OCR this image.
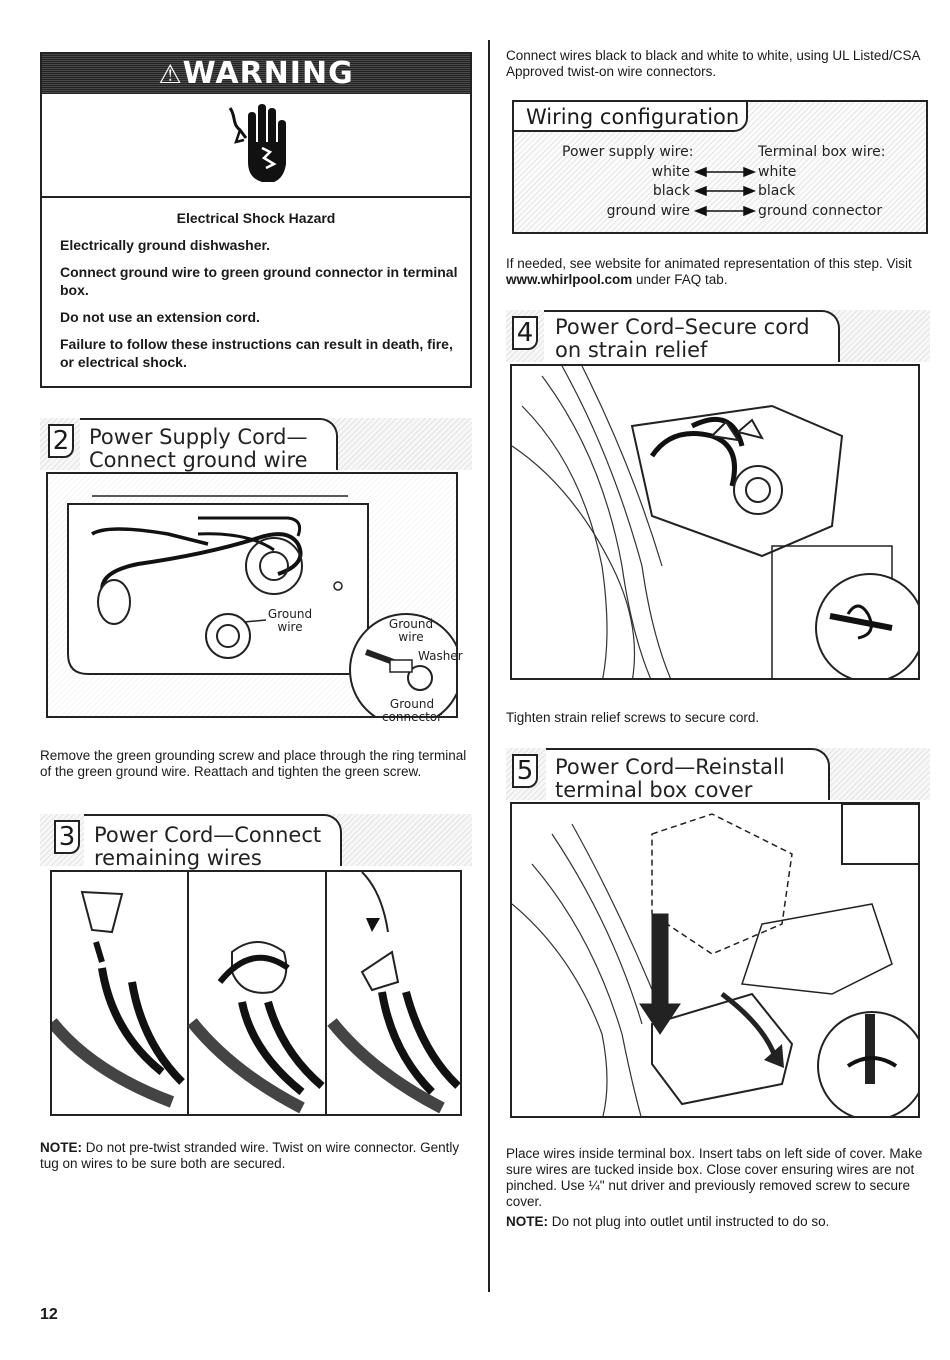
⚠WARNING
Electrical Shock Hazard

Electrically ground dishwasher.

Connect ground wire to green ground connector in terminal box.

Do not use an extension cord.

Failure to follow these instructions can result in death, fire, or electrical shock.

2 Power Supply Cord—
Connect ground wire
Ground wire	Ground wire
Washer
Ground connector
Remove the green grounding screw and place through the ring terminal of the green ground wire. Reattach and tighten the green screw.
3 Power Cord—Connect
remaining wires
NOTE: Do not pre-twist stranded wire. Twist on wire connector. Gently tug on wires to be sure both are secured.
Connect wires black to black and white to white, using UL Listed/CSA Approved twist-on wire connectors.
Wiring configuration
Power supply wire:	Terminal box wire:
white
black
ground wire
white
black
ground connector
If needed, see website for animated representation of this step. Visit www.whirlpool.com under FAQ tab.
4 Power Cord–Secure cord
on strain relief
Tighten strain relief screws to secure cord.
5 Power Cord—Reinstall
terminal box cover
Place wires inside terminal box. Insert tabs on left side of cover. Make sure wires are tucked inside box. Close cover ensuring wires are not pinched. Use ¼" nut driver and previously removed screw to secure cover.
NOTE: Do not plug into outlet until instructed to do so.
12
